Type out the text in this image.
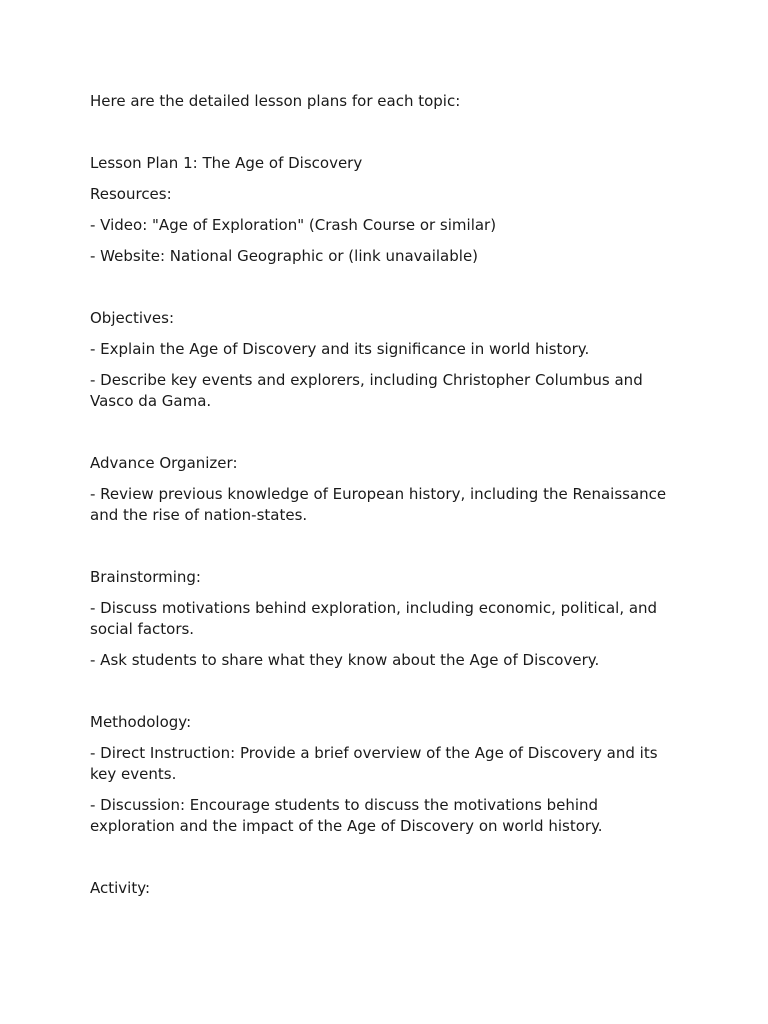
Here are the detailed lesson plans for each topic:

Lesson Plan 1: The Age of Discovery

Resources:

- Video: "Age of Exploration" (Crash Course or similar)

- Website: National Geographic or (link unavailable)

Objectives:

- Explain the Age of Discovery and its significance in world history.

- Describe key events and explorers, including Christopher Columbus and Vasco da Gama.

Advance Organizer:

- Review previous knowledge of European history, including the Renaissance and the rise of nation-states.

Brainstorming:

- Discuss motivations behind exploration, including economic, political, and social factors.

- Ask students to share what they know about the Age of Discovery.

Methodology:

- Direct Instruction: Provide a brief overview of the Age of Discovery and its key events.

- Discussion: Encourage students to discuss the motivations behind exploration and the impact of the Age of Discovery on world history.

Activity:
